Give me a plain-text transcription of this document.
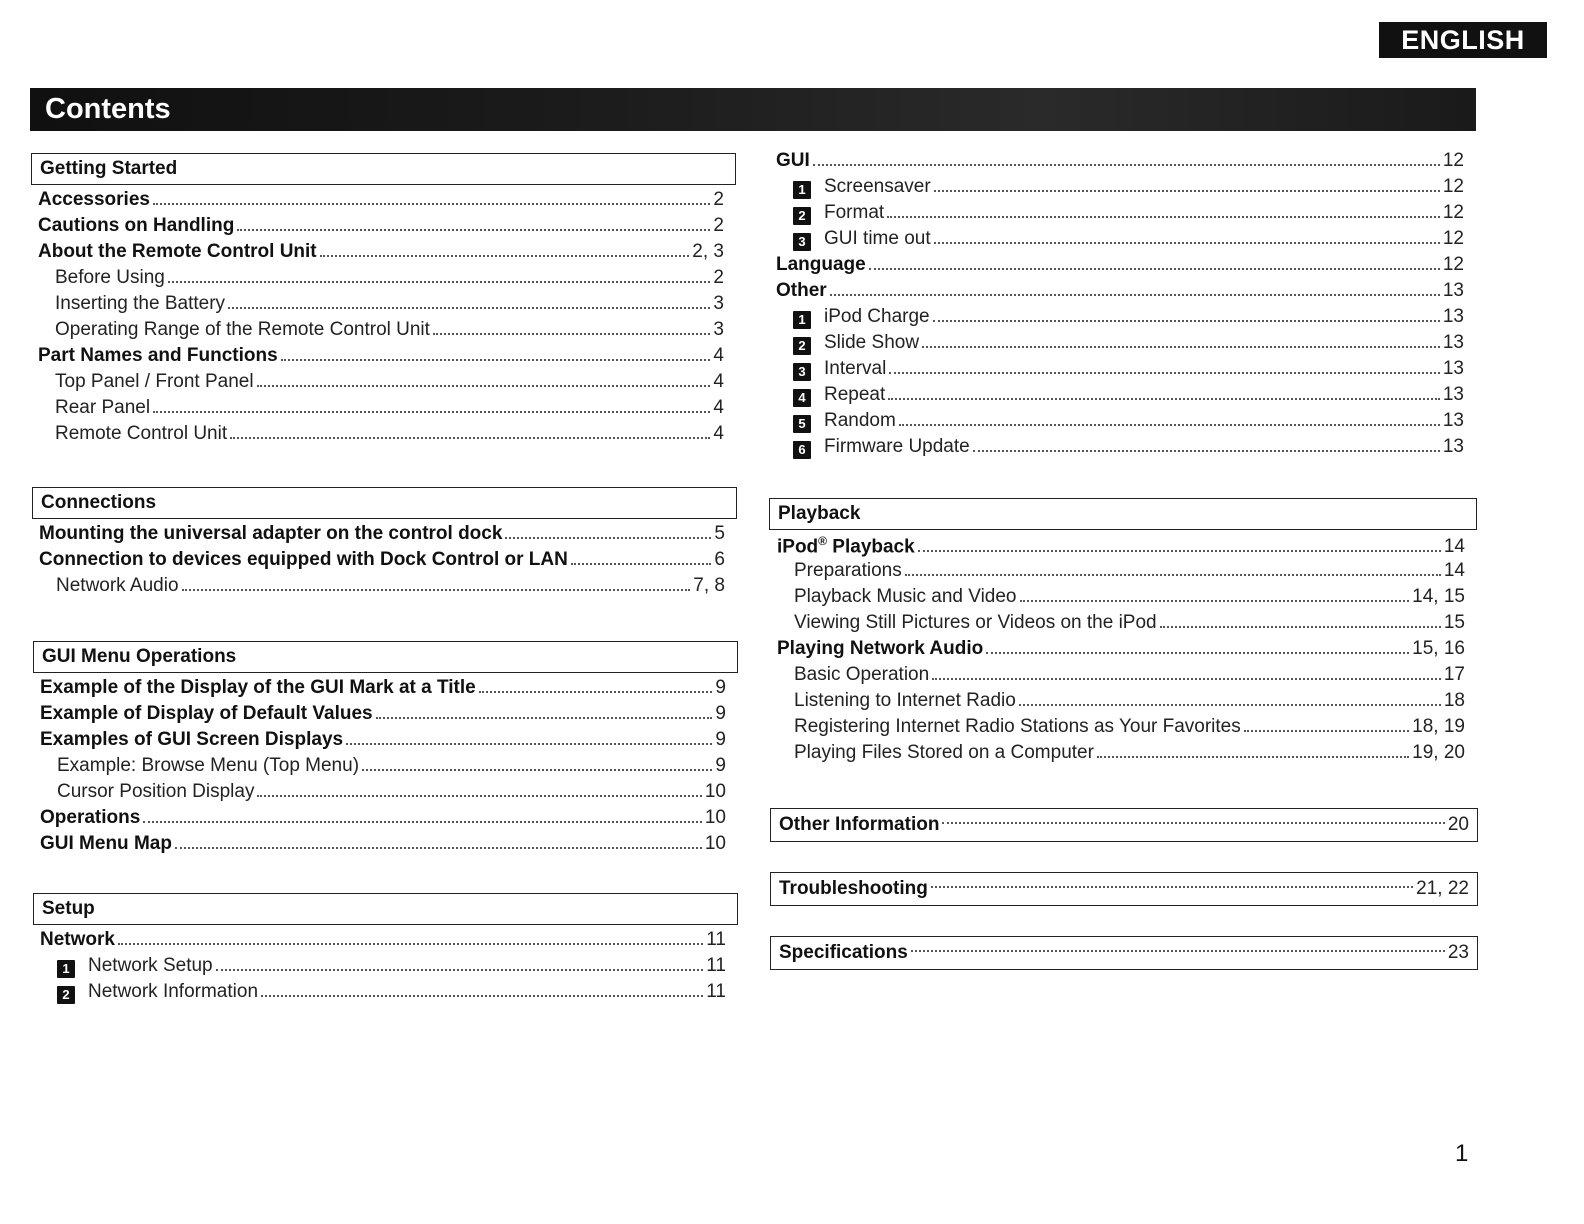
ENGLISH
Contents
Getting Started
Accessories	2
Cautions on Handling	2
About the Remote Control Unit	2, 3
Before Using	2
Inserting the Battery	3
Operating Range of the Remote Control Unit	3
Part Names and Functions	4
Top Panel / Front Panel	4
Rear Panel	4
Remote Control Unit	4
Connections
Mounting the universal adapter on the control dock	5
Connection to devices equipped with Dock Control or LAN	6
Network Audio	7, 8
GUI Menu Operations
Example of the Display of the GUI Mark at a Title	9
Example of Display of Default Values	9
Examples of GUI Screen Displays	9
Example: Browse Menu (Top Menu)	9
Cursor Position Display	10
Operations	10
GUI Menu Map	10
Setup
Network	11
1 Network Setup	11
2 Network Information	11
GUI	12
1 Screensaver	12
2 Format	12
3 GUI time out	12
Language	12
Other	13
1 iPod Charge	13
2 Slide Show	13
3 Interval	13
4 Repeat	13
5 Random	13
6 Firmware Update	13
Playback
iPod® Playback	14
Preparations	14
Playback Music and Video	14, 15
Viewing Still Pictures or Videos on the iPod	15
Playing Network Audio	15, 16
Basic Operation	17
Listening to Internet Radio	18
Registering Internet Radio Stations as Your Favorites	18, 19
Playing Files Stored on a Computer	19, 20
Other Information	20
Troubleshooting	21, 22
Specifications	23
1
